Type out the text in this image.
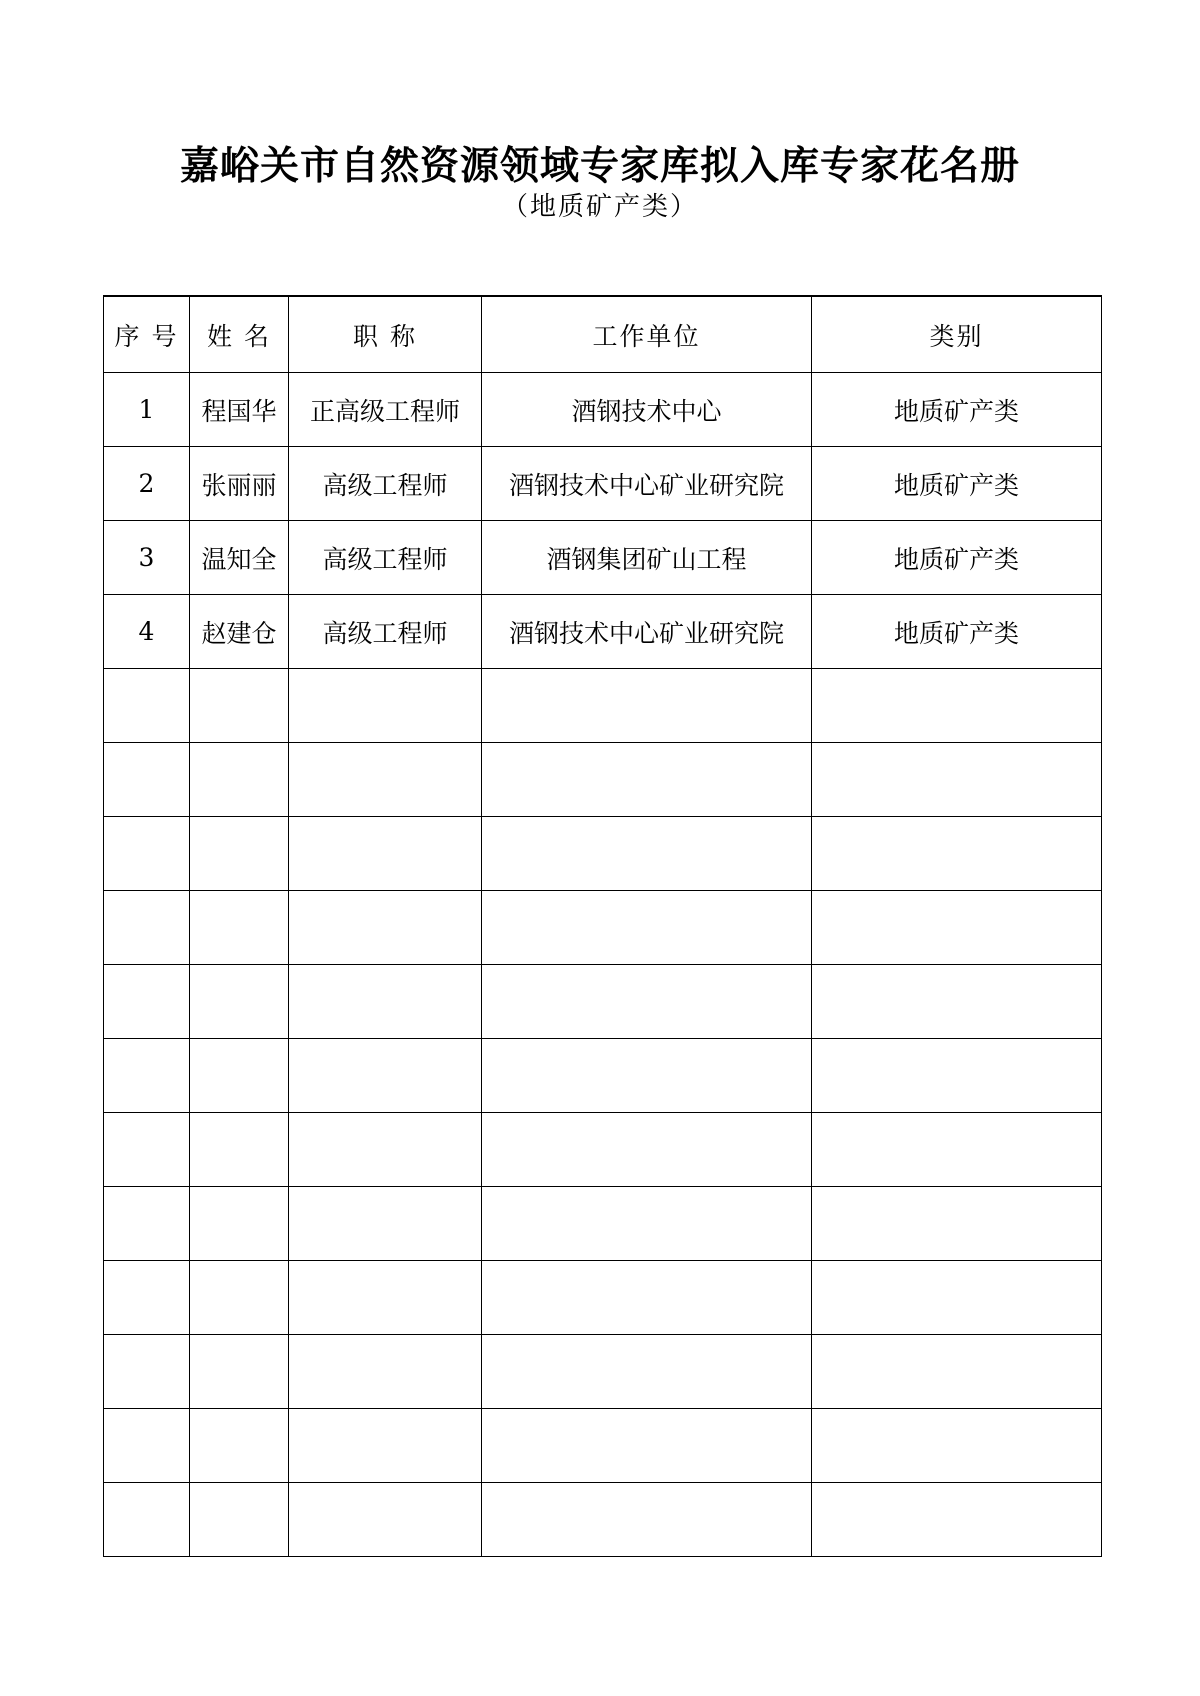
嘉峪关市自然资源领域专家库拟入库专家花名册
（地质矿产类）
序 号	姓 名	职 称	工作单位	类别
1	程国华	正高级工程师	酒钢技术中心	地质矿产类
2	张丽丽	高级工程师	酒钢技术中心矿业研究院	地质矿产类
3	温知全	高级工程师	酒钢集团矿山工程	地质矿产类
4	赵建仓	高级工程师	酒钢技术中心矿业研究院	地质矿产类
